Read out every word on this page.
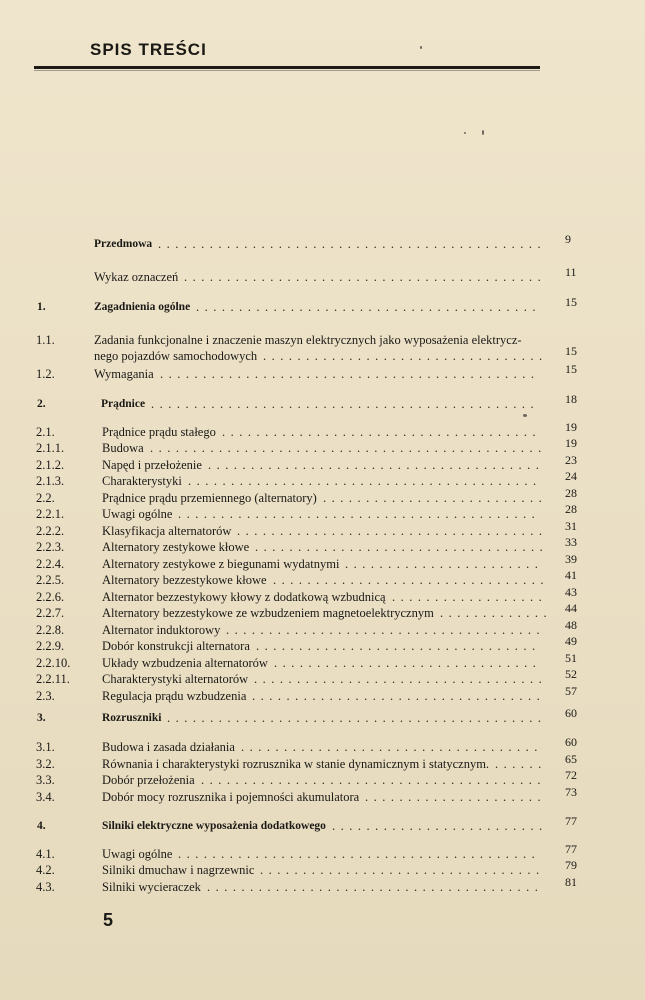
SPIS TREŚCI
Przedmowa .............................................	9
Wykaz oznaczeń ..........................................	11
1.	Zagadnienia ogólne ........................................	15
1.1.	Zadania funkcjonalne i znaczenie maszyn elektrycznych jako wyposażenia elektrycz-
nego pojazdów samochodowych .................................	15
1.2.	Wymagania ............................................	15
2.	Prądnice .............................................	18
2.1.	Prądnice prądu stałego .....................................	19
2.1.1.	Budowa ..............................................	19
2.1.2.	Napęd i przełożenie .......................................	23
2.1.3.	Charakterystyki .........................................	24
2.2.	Prądnice prądu przemiennego (alternatory) ..........................	28
2.2.1.	Uwagi ogólne ..........................................	28
2.2.2.	Klasyfikacja alternatorów ....................................	31
2.2.3.	Alternatory zestykowe kłowe ..................................	33
2.2.4.	Alternatory zestykowe z biegunami wydatnymi .......................	39
2.2.5.	Alternatory bezzestykowe kłowe ................................	41
2.2.6.	Alternator bezzestykowy kłowy z dodatkową wzbudnicą ..................	43
2.2.7.	Alternatory bezzestykowe ze wzbudzeniem magnetoelektrycznym ............. 44
2.2.8.	Alternator induktorowy .....................................	48
2.2.9.	Dobór konstrukcji alternatora .................................	49
2.2.10.	Układy wzbudzenia alternatorów ...............................	51
2.2.11.	Charakterystyki alternatorów ..................................	52
2.3.	Regulacja prądu wzbudzenia ..................................	57
3.	Rozruszniki ............................................	60
3.1.	Budowa i zasada działania ...................................	60
3.2.	Równania i charakterystyki rozrusznika w stanie dynamicznym i statycznym. ......	65
3.3.	Dobór przełożenia ........................................	72
3.4.	Dobór mocy rozrusznika i pojemności akumulatora .....................	73
4.	Silniki elektryczne wyposażenia dodatkowego .........................	77
4.1.	Uwagi ogólne ..........................................	77
4.2.	Silniki dmuchaw i nagrzewnic .................................	79
4.3.	Silniki wycieraczek .......................................	81
5
